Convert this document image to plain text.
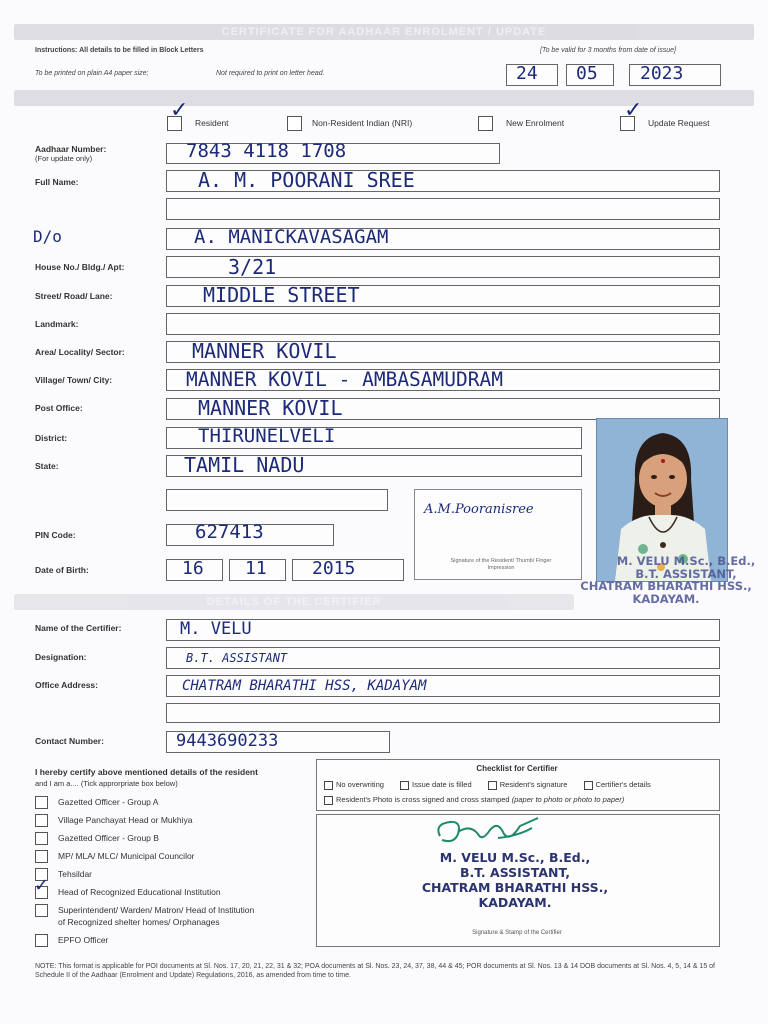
CERTIFICATE FOR AADHAAR ENROLMENT / UPDATE
Instructions: All details to be filled in Block Letters	[To be valid for 3 months from date of issue]
To be printed on plain A4 paper size;	Not required to print on letter head.	24 05 2023
✓ Resident	Non-Resident Indian (NRI)	New Enrolment	✓ Update Request
Aadhaar Number:
(For update only)	7843 4118 1708
Full Name:	A. M. POORANI SREE
D/o	A. MANICKAVASAGAM
House No./ Bldg./ Apt:	3/21
Street/ Road/ Lane:	MIDDLE STREET
Landmark:
Area/ Locality/ Sector:	MANNER KOVIL
Village/ Town/ City:	MANNER KOVIL - AMBASAMUDRAM
Post Office:	MANNER KOVIL
District:	THIRUNELVELI
State:	TAMIL NADU
A.M.Pooranisree
Signature of the Resident/ Thumb/ Finger Impression
PIN Code:	627413
Date of Birth:	16 11	2015	M. VELU M.Sc., B.Ed.,
B.T. ASSISTANT,
CHATRAM BHARATHI HSS.,
KADAYAM.
DETAILS OF THE CERTIFIER
Name of the Certifier:	M. VELU
Designation:	B.T. ASSISTANT
Office Address:	CHATRAM BHARATHI HSS, KADAYAM
Contact Number:	9443690233
I hereby certify above mentioned details of the resident
and I am a.... (Tick approrpriate box below)
Gazetted Officer - Group A
Village Panchayat Head or Mukhiya
Gazetted Officer - Group B
MP/ MLA/ MLC/ Municipal Councilor
Tehsildar
Head of Recognized Educational Institution
✓
Superintendent/ Warden/ Matron/ Head of Institution
of Recognized shelter homes/ Orphanages
EPFO Officer
Checklist for Certifier
No overwriting	Issue date is filled	Resident's signature	Certifier's details
Resident's Photo is cross signed and cross stamped (paper to photo or photo to paper)
M. VELU M.Sc., B.Ed.,
B.T. ASSISTANT,
CHATRAM BHARATHI HSS.,
KADAYAM.
Signature & Stamp of the Certifier
NOTE: This format is applicable for POI documents at Sl. Nos. 17, 20, 21, 22, 31 & 32; POA documents at Sl. Nos. 23, 24, 37, 38, 44 & 45; POR documents at Sl. Nos. 13 & 14 DOB documents at Sl. Nos. 4, 5, 14 & 15 of Schedule II of the Aadhaar (Enrolment and Update) Regulations, 2016, as amended from time to time.
